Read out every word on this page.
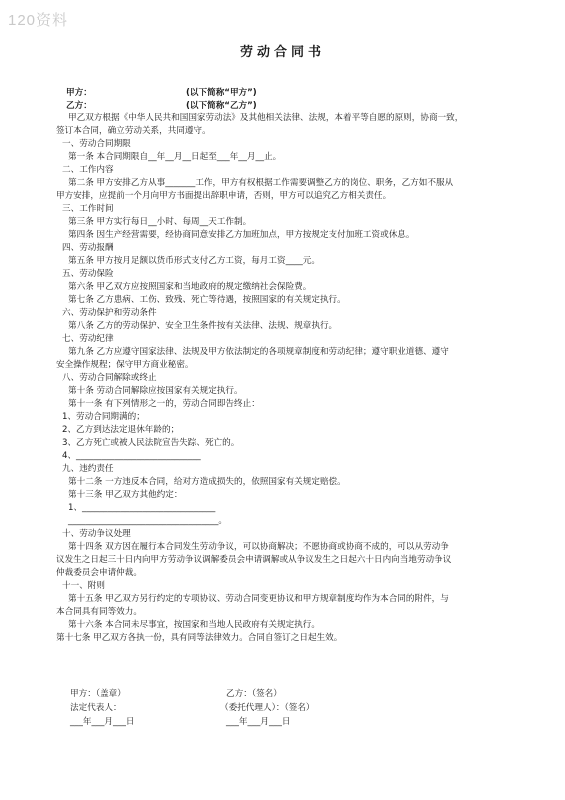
120资料
劳动合同书
甲方：	(以下简称“甲方”)
乙方：	(以下简称“乙方”)

甲乙双方根据《中华人民共和国国家劳动法》及其他相关法律、法规，本着平等自愿的原则，协商一致，

签订本合同，确立劳动关系，共同遵守。

一、劳动合同期限

第一条 本合同期限自__年__月__日起至___年__月__止。

二、工作内容

第二条 甲方安排乙方从事_______工作，甲方有权根据工作需要调整乙方的岗位、职务，乙方如不服从

甲方安排，应提前一个月向甲方书面提出辞职申请，否则，甲方可以追究乙方相关责任。

三、工作时间

第三条 甲方实行每日__小时、每周__天工作制。

第四条 因生产经营需要，经协商同意安排乙方加班加点，甲方按规定支付加班工资或休息。

四、劳动报酬

第五条 甲方按月足额以货币形式支付乙方工资，每月工资____元。

五、劳动保险

第六条 甲乙双方应按照国家和当地政府的规定缴纳社会保险费。

第七条 乙方患病、工伤、致残、死亡等待遇，按照国家的有关规定执行。

六、劳动保护和劳动条件

第八条 乙方的劳动保护、安全卫生条件按有关法律、法规、规章执行。

七、劳动纪律

第九条 乙方应遵守国家法律、法规及甲方依法制定的各项规章制度和劳动纪律；遵守职业道德、遵守

安全操作规程；保守甲方商业秘密。

八、劳动合同解除或终止

第十条 劳动合同解除应按国家有关规定执行。

第十一条 有下列情形之一的，劳动合同即告终止：

1、劳动合同期满的；

2、乙方到达法定退休年龄的；

3、乙方死亡或被人民法院宣告失踪、死亡的。

4、_____________________________

九、违约责任

第十二条 一方违反本合同，给对方造成损失的，依照国家有关规定赔偿。

第十三条 甲乙双方其他约定：

1、_______________________________

___________________________________。

十、劳动争议处理

第十四条 双方因在履行本合同发生劳动争议，可以协商解决；不愿协商或协商不成的，可以从劳动争

议发生之日起三十日内向甲方劳动争议调解委员会申请调解或从争议发生之日起六十日内向当地劳动争议

仲裁委员会申请仲裁。

十一、附则

第十五条 甲乙双方另行约定的专项协议、劳动合同变更协议和甲方规章制度均作为本合同的附件，与

本合同具有同等效力。

第十六条 本合同未尽事宜，按国家和当地人民政府有关规定执行。

第十七条 甲乙双方各执一份，具有同等法律效力。合同自签订之日起生效。

甲方：（盖章）	乙方：（签名）
法定代表人：	（委托代理人）：（签名）
___年___月___日	___年___月___日
